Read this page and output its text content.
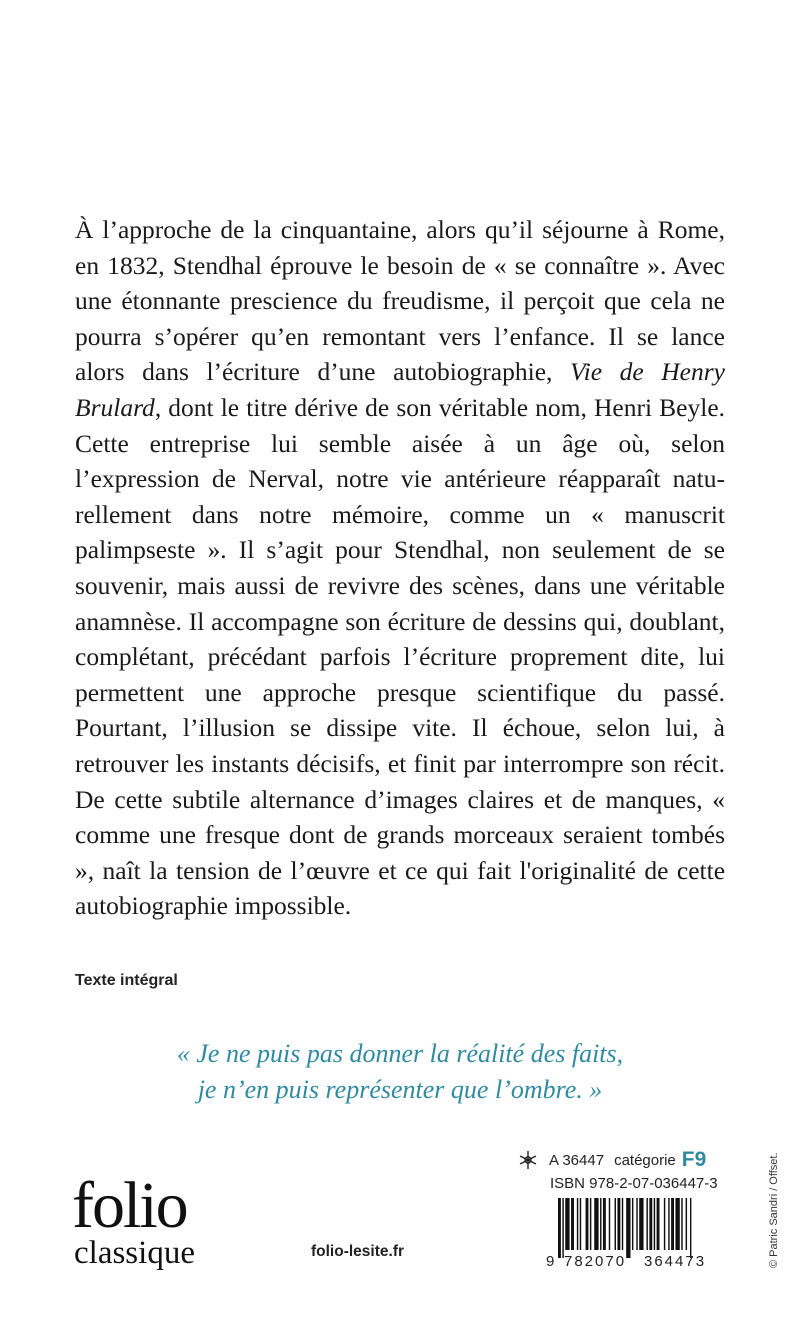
À l’approche de la cinquantaine, alors qu’il séjourne à Rome, en 1832, Stendhal éprouve le besoin de « se connaître ». Avec une étonnante prescience du freudisme, il perçoit que cela ne pourra s’opérer qu’en remontant vers l’enfance. Il se lance alors dans l’écriture d’une autobiographie, Vie de Henry Brulard, dont le titre dérive de son véritable nom, Henri Beyle. Cette entreprise lui semble aisée à un âge où, selon l’expression de Nerval, notre vie antérieure réapparaît natu-rellement dans notre mémoire, comme un « manuscrit palimpseste ». Il s’agit pour Stendhal, non seulement de se souvenir, mais aussi de revivre des scènes, dans une véritable anamnèse. Il accompagne son écriture de dessins qui, doublant, complétant, précédant parfois l’écriture proprement dite, lui permettent une approche presque scientifique du passé. Pourtant, l’illusion se dissipe vite. Il échoue, selon lui, à retrouver les instants décisifs, et finit par interrompre son récit. De cette subtile alternance d’images claires et de manques, « comme une fresque dont de grands morceaux seraient tombés », naît la tension de l’œuvre et ce qui fait l'originalité de cette autobiographie impossible.

Texte intégral
« Je ne puis pas donner la réalité des faits,
je n’en puis représenter que l’ombre. »
folio
classique	folio-lesite.fr
A 36447 catégorie F9
ISBN 978-2-07-036447-3
9 782070 364473	© Patric Sandri / Offset.
